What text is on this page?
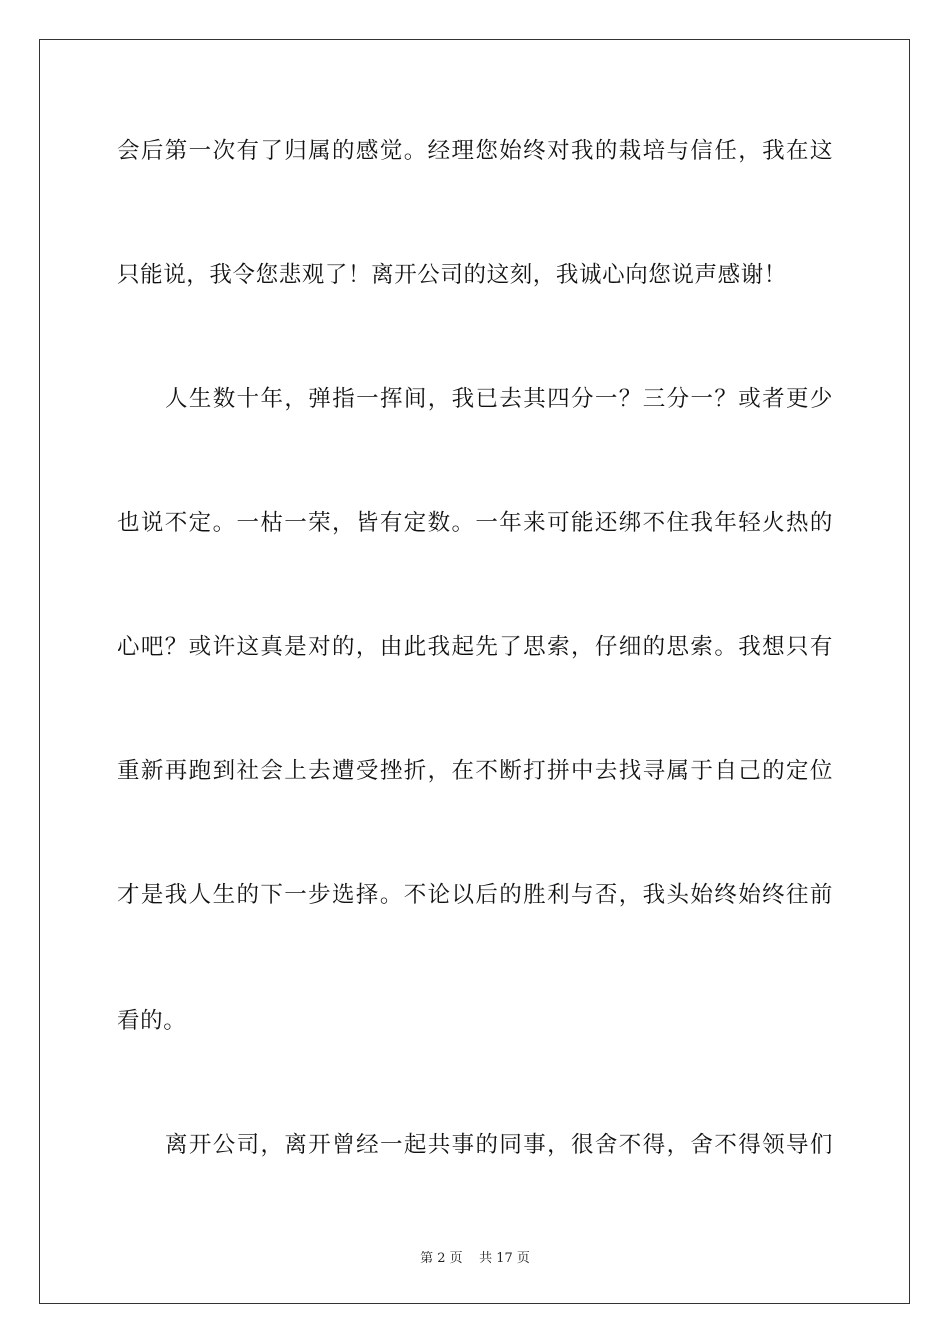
会后第一次有了归属的感觉。经理您始终对我的栽培与信任，我在这
只能说，我令您悲观了！离开公司的这刻，我诚心向您说声感谢！
人生数十年，弹指一挥间，我已去其四分一？三分一？或者更少
也说不定。一枯一荣，皆有定数。一年来可能还绑不住我年轻火热的
心吧？或许这真是对的，由此我起先了思索，仔细的思索。我想只有
重新再跑到社会上去遭受挫折，在不断打拼中去找寻属于自己的定位
才是我人生的下一步选择。不论以后的胜利与否，我头始终始终往前
看的。
离开公司，离开曾经一起共事的同事，很舍不得，舍不得领导们
第 2 页    共 17 页
